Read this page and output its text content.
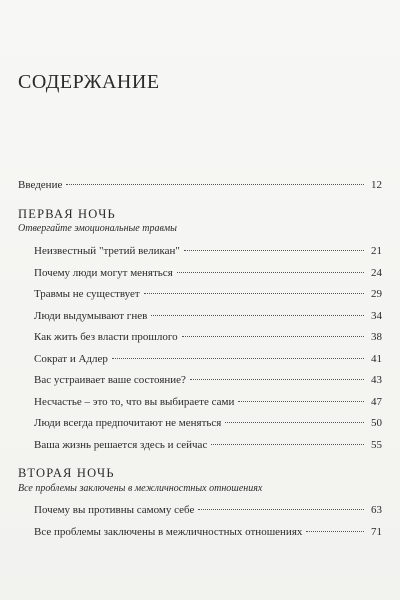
СОДЕРЖАНИЕ
Введение	12
ПЕРВАЯ НОЧЬ
Отвергайте эмоциональные травмы
Неизвестный "третий великан"	21
Почему люди могут меняться	24
Травмы не существует	29
Люди выдумывают гнев	34
Как жить без власти прошлого	38
Сократ и Адлер	41
Вас устраивает ваше состояние?	43
Несчастье – это то, что вы выбираете сами	47
Люди всегда предпочитают не меняться	50
Ваша жизнь решается здесь и сейчас	55
ВТОРАЯ НОЧЬ
Все проблемы заключены в межличностных отношениях
Почему вы противны самому себе	63
Все проблемы заключены в межличностных отношениях	71
